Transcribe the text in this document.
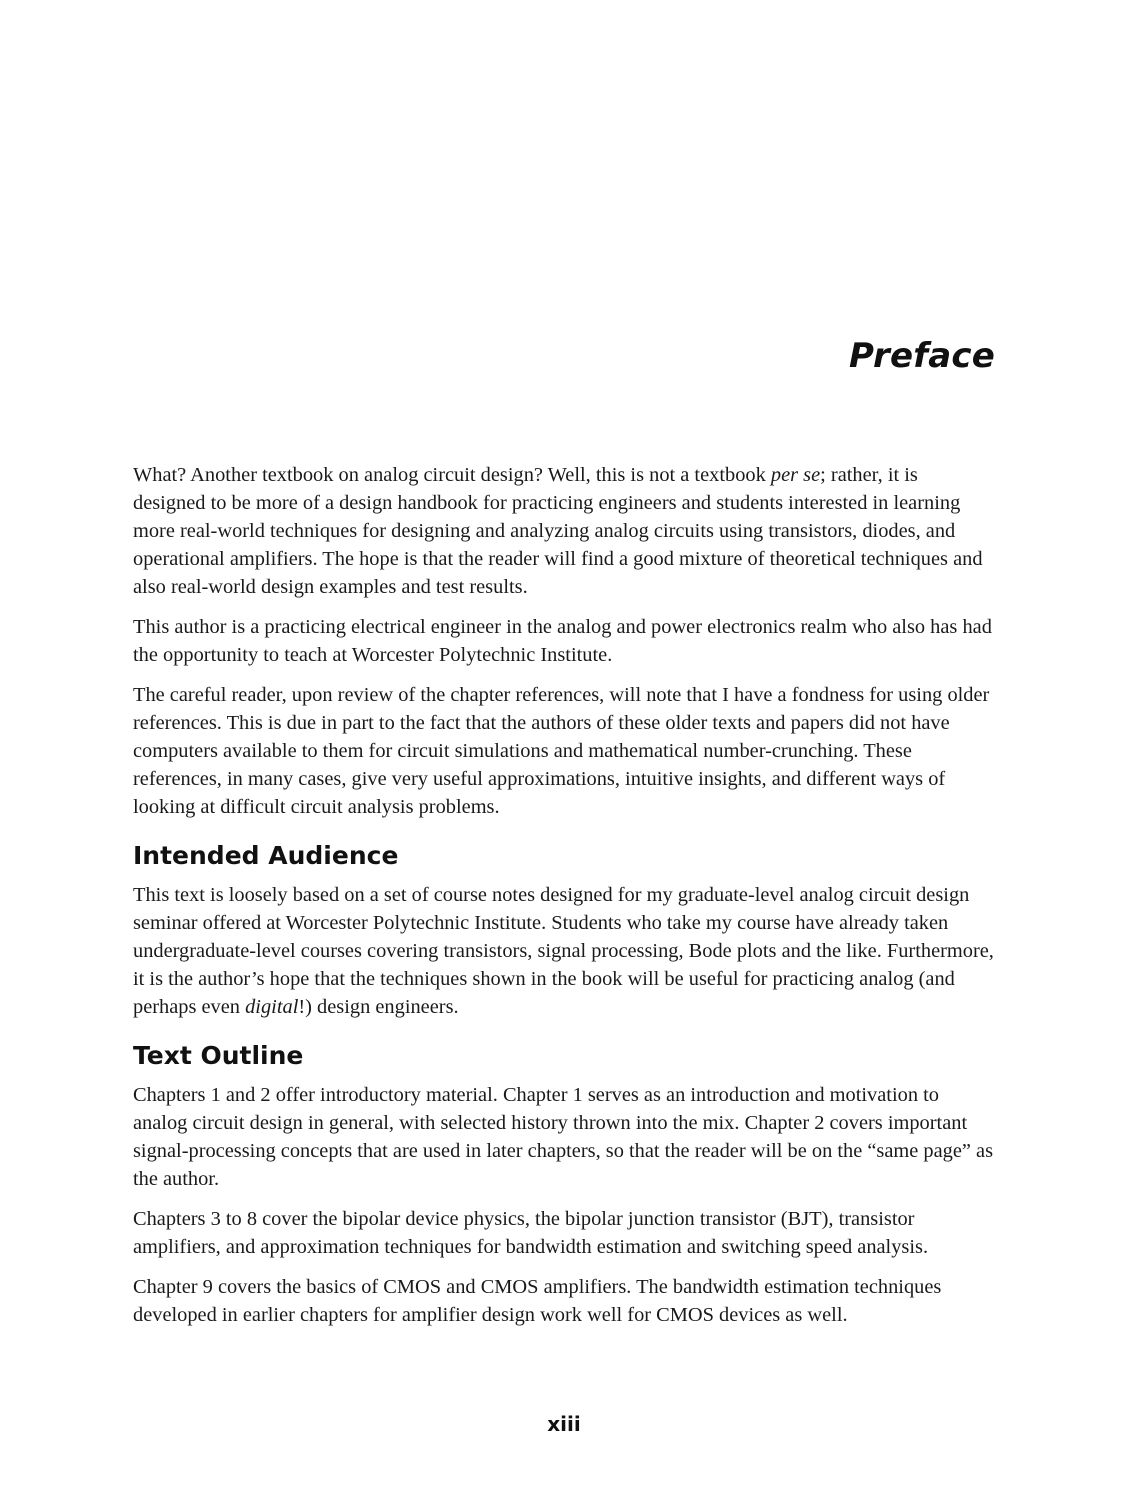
Preface

What? Another textbook on analog circuit design? Well, this is not a textbook per se; rather, it is designed to be more of a design handbook for practicing engineers and students interested in learning more real-world techniques for designing and analyzing analog circuits using transistors, diodes, and operational amplifiers. The hope is that the reader will find a good mixture of theoretical techniques and also real-world design examples and test results.

This author is a practicing electrical engineer in the analog and power electronics realm who also has had the opportunity to teach at Worcester Polytechnic Institute.

The careful reader, upon review of the chapter references, will note that I have a fondness for using older references. This is due in part to the fact that the authors of these older texts and papers did not have computers available to them for circuit simulations and mathematical number-crunching. These references, in many cases, give very useful approximations, intuitive insights, and different ways of looking at difficult circuit analysis problems.

Intended Audience

This text is loosely based on a set of course notes designed for my graduate-level analog circuit design seminar offered at Worcester Polytechnic Institute. Students who take my course have already taken undergraduate-level courses covering transistors, signal processing, Bode plots and the like. Furthermore, it is the author’s hope that the techniques shown in the book will be useful for practicing analog (and perhaps even digital!) design engineers.

Text Outline

Chapters 1 and 2 offer introductory material. Chapter 1 serves as an introduction and motivation to analog circuit design in general, with selected history thrown into the mix. Chapter 2 covers important signal-processing concepts that are used in later chapters, so that the reader will be on the “same page” as the author.

Chapters 3 to 8 cover the bipolar device physics, the bipolar junction transistor (BJT), transistor amplifiers, and approximation techniques for bandwidth estimation and switching speed analysis.

Chapter 9 covers the basics of CMOS and CMOS amplifiers. The bandwidth estimation techniques developed in earlier chapters for amplifier design work well for CMOS devices as well.

xiii
